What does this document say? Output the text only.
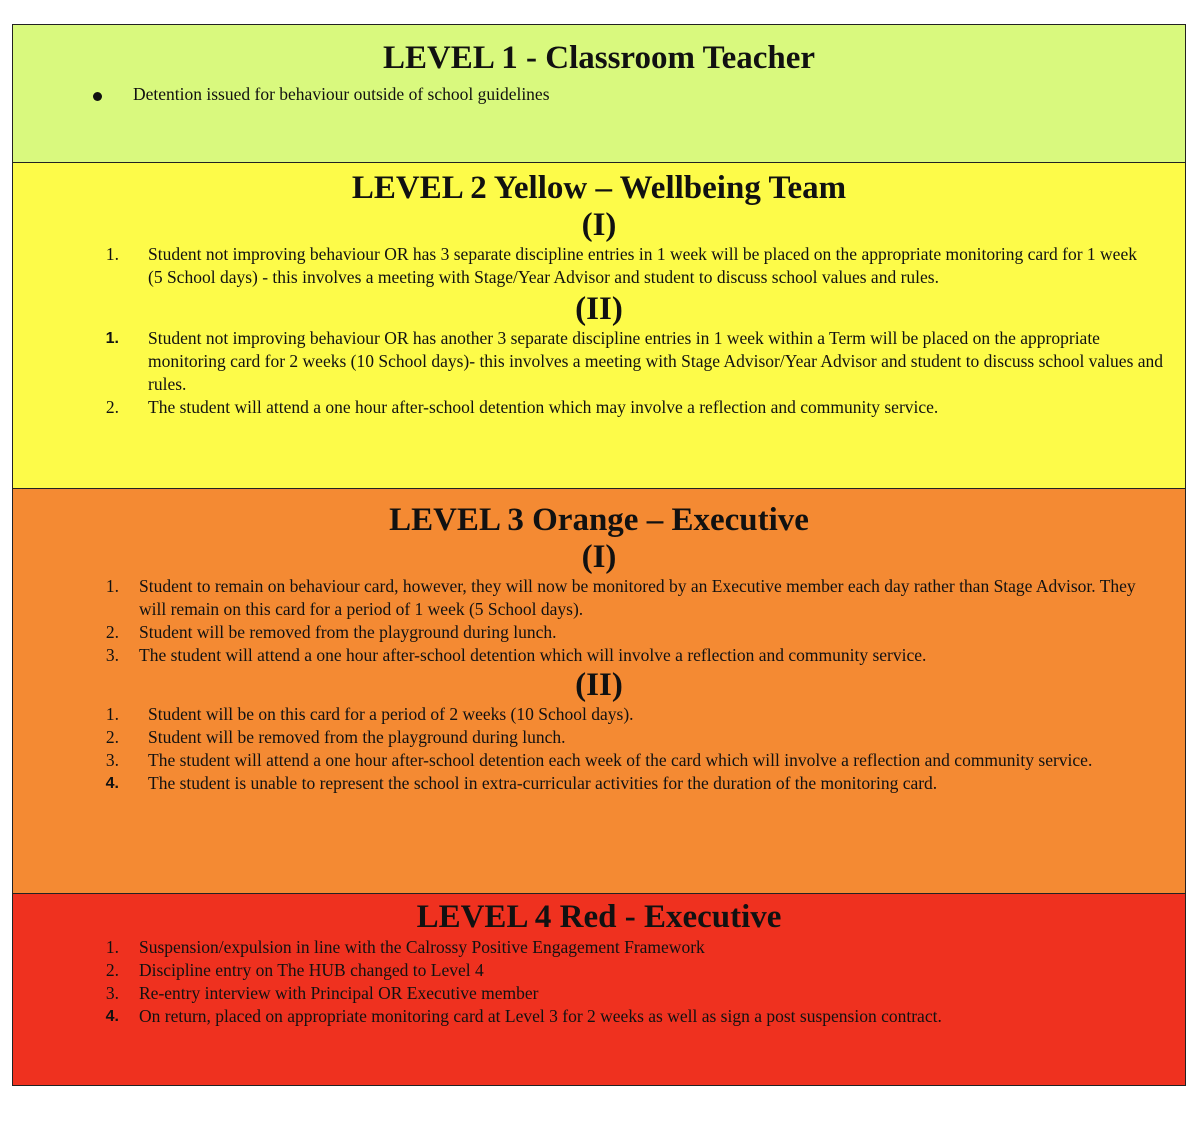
LEVEL 1 - Classroom Teacher
Detention issued for behaviour outside of school guidelines
LEVEL 2 Yellow – Wellbeing Team
(I)
1. Student not improving behaviour OR has 3 separate discipline entries in 1 week will be placed on the appropriate monitoring card for 1 week (5 School days) - this involves a meeting with Stage/Year Advisor and student to discuss school values and rules.
(II)
1. Student not improving behaviour OR has another 3 separate discipline entries in 1 week within a Term will be placed on the appropriate monitoring card for 2 weeks (10 School days)- this involves a meeting with Stage Advisor/Year Advisor and student to discuss school values and rules.
2. The student will attend a one hour after-school detention which may involve a reflection and community service.
LEVEL 3 Orange – Executive
(I)
1. Student to remain on behaviour card, however, they will now be monitored by an Executive member each day rather than Stage Advisor. They will remain on this card for a period of 1 week (5 School days).
2. Student will be removed from the playground during lunch.
3. The student will attend a one hour after-school detention which will involve a reflection and community service.
(II)
1. Student will be on this card for a period of 2 weeks (10 School days).
2. Student will be removed from the playground during lunch.
3. The student will attend a one hour after-school detention each week of the card which will involve a reflection and community service.
4. The student is unable to represent the school in extra-curricular activities for the duration of the monitoring card.
LEVEL 4 Red - Executive
1. Suspension/expulsion in line with the Calrossy Positive Engagement Framework
2. Discipline entry on The HUB changed to Level 4
3. Re-entry interview with Principal OR Executive member
4. On return, placed on appropriate monitoring card at Level 3 for 2 weeks as well as sign a post suspension contract.
